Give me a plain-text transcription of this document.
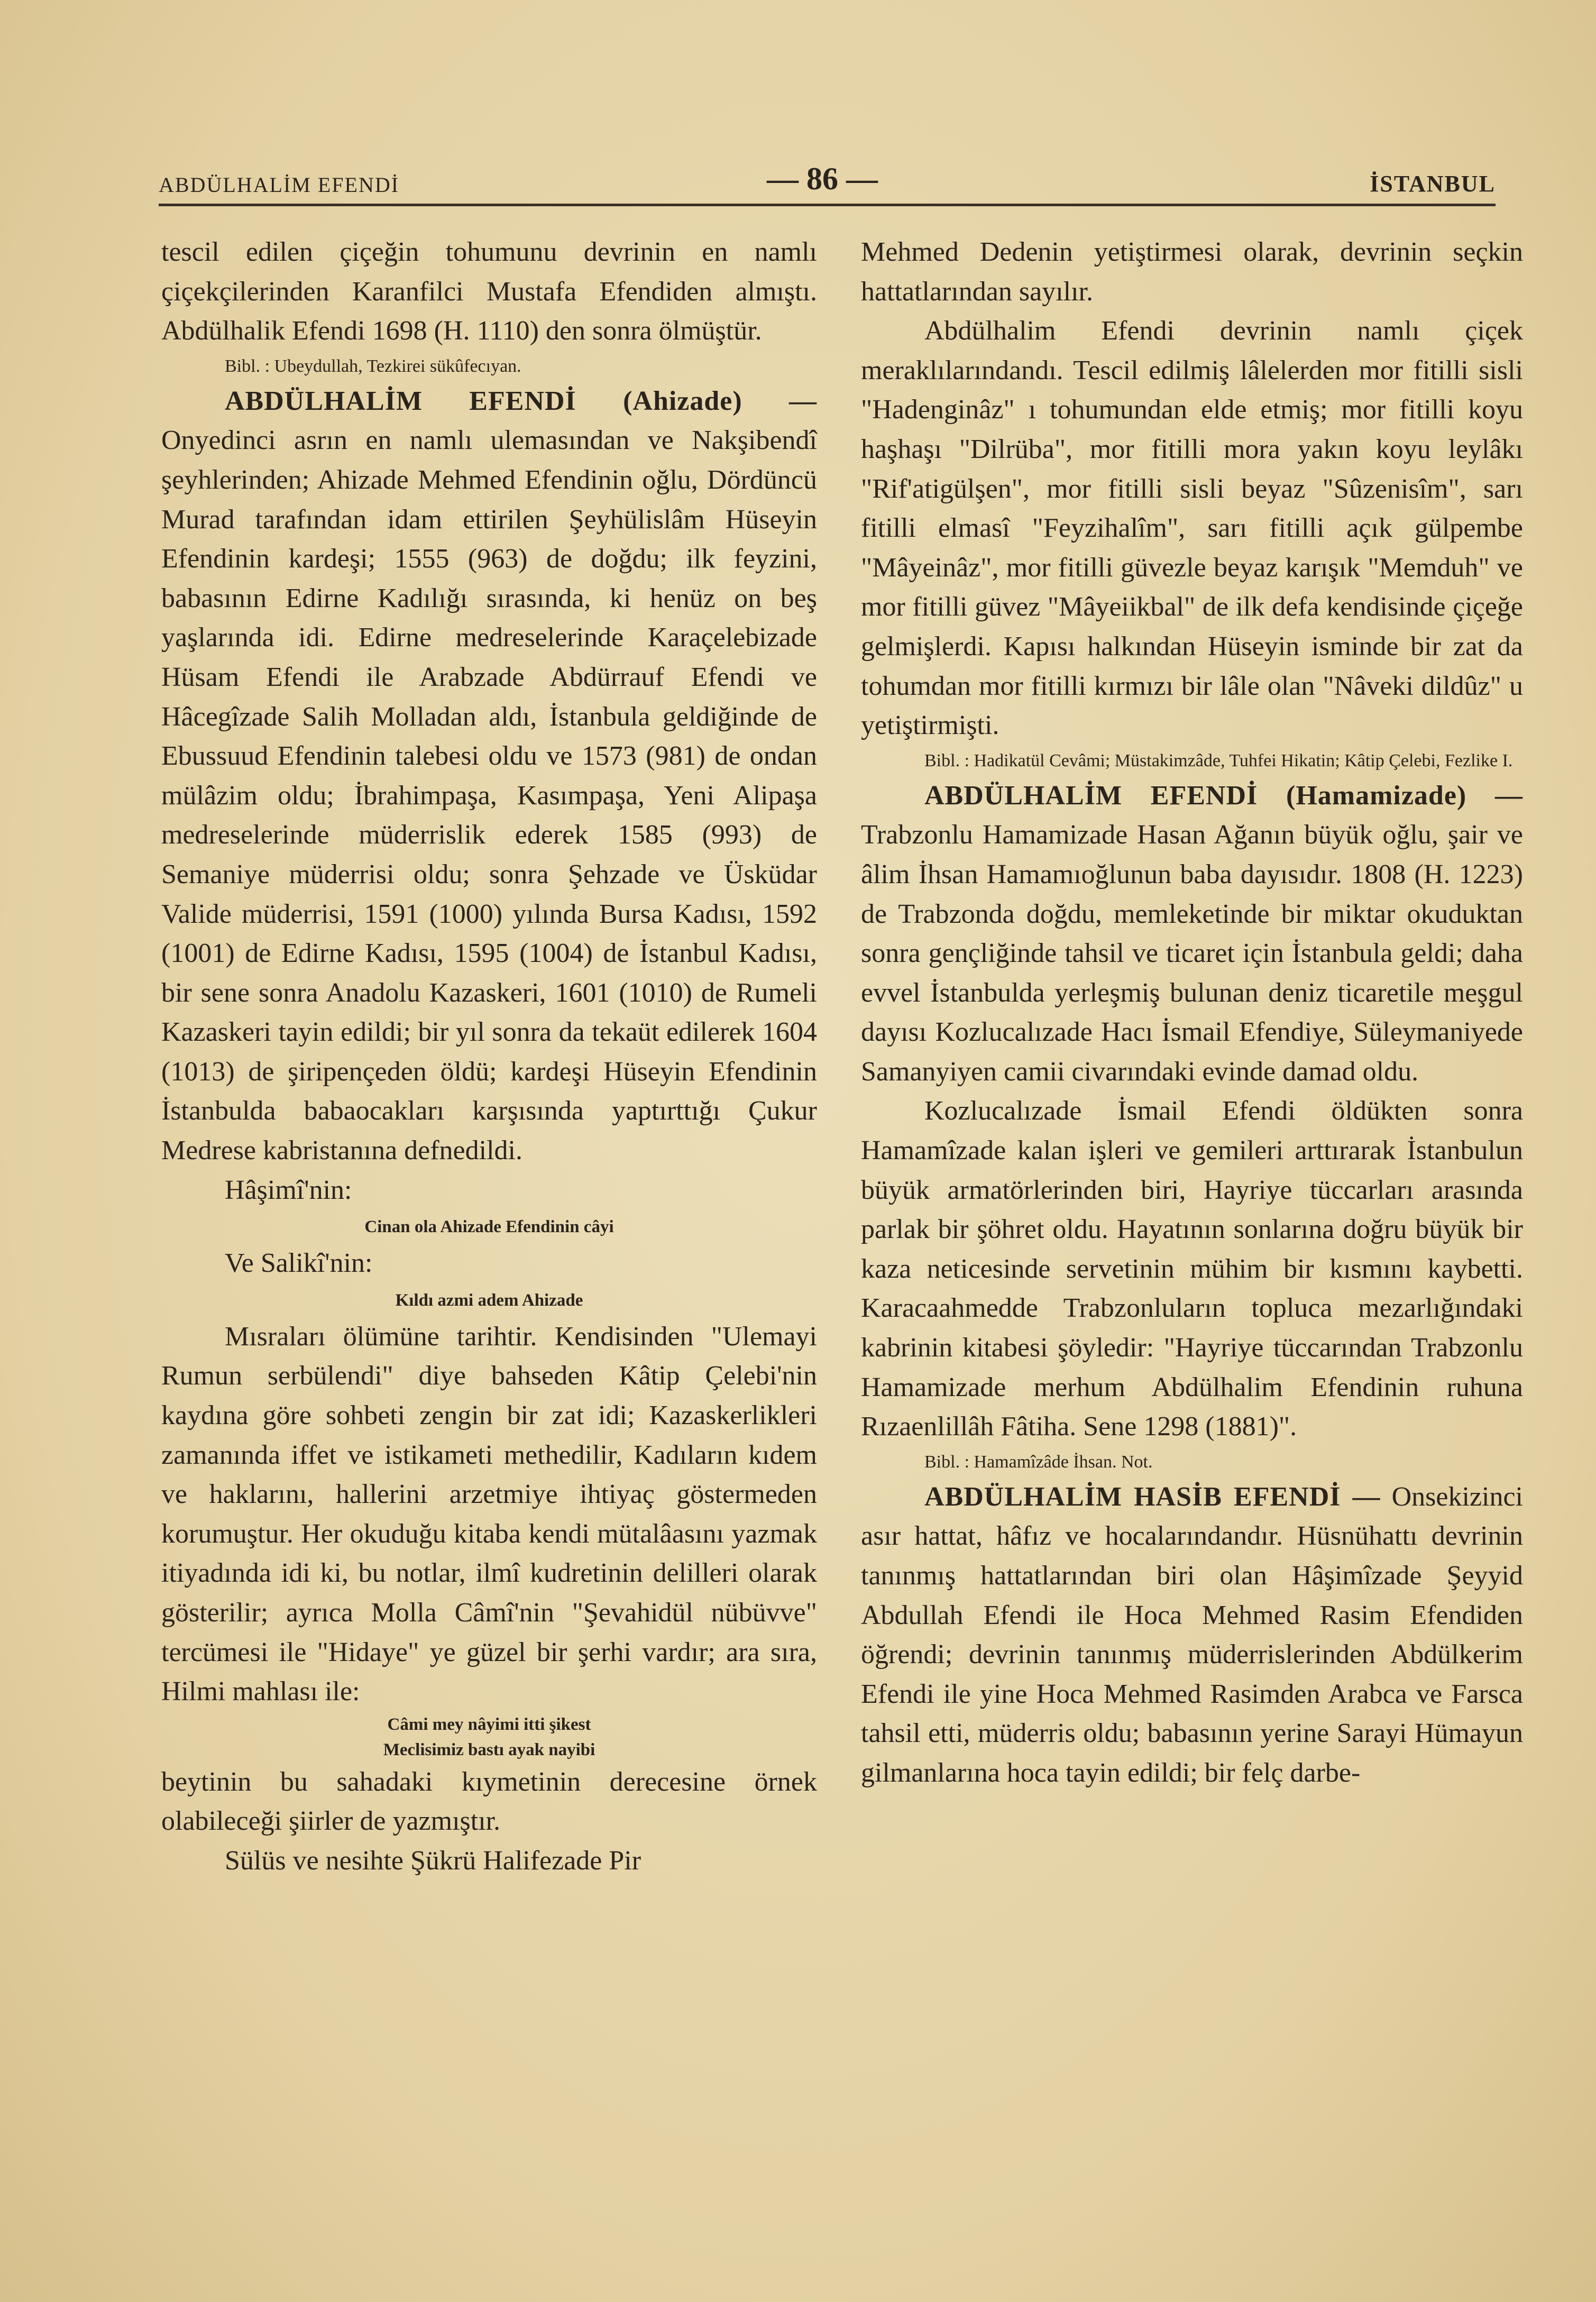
ABDÜLHALİM EFENDİ	— 86 —	İSTANBUL

tescil edilen çiçeğin tohumunu devrinin en namlı çiçekçilerinden Karanfilci Mustafa Efendiden almıştı. Abdülhalik Efendi 1698 (H. 1110) den sonra ölmüştür.

Bibl. : Ubeydullah, Tezkirei sükûfecıyan.

ABDÜLHALİM EFENDİ (Ahizade) — Onyedinci asrın en namlı ulemasından ve Nakşibendî şeyhlerinden; Ahizade Mehmed Efendinin oğlu, Dördüncü Murad tarafından idam ettirilen Şeyhülislâm Hüseyin Efendinin kardeşi; 1555 (963) de doğdu; ilk feyzini, babasının Edirne Kadılığı sırasında, ki henüz on beş yaşlarında idi. Edirne medreselerinde Karaçelebizade Hüsam Efendi ile Arabzade Abdürrauf Efendi ve Hâcegîzade Salih Molladan aldı, İstanbula geldiğinde de Ebussuud Efendinin talebesi oldu ve 1573 (981) de ondan mülâzim oldu; İbrahimpaşa, Kasımpaşa, Yeni Alipaşa medreselerinde müderrislik ederek 1585 (993) de Semaniye müderrisi oldu; sonra Şehzade ve Üsküdar Valide müderrisi, 1591 (1000) yılında Bursa Kadısı, 1592 (1001) de Edirne Kadısı, 1595 (1004) de İstanbul Kadısı, bir sene sonra Anadolu Kazaskeri, 1601 (1010) de Rumeli Kazaskeri tayin edildi; bir yıl sonra da tekaüt edilerek 1604 (1013) de şiripençeden öldü; kardeşi Hüseyin Efendinin İstanbulda babaocakları karşısında yaptırttığı Çukur Medrese kabristanına defnedildi.

Hâşimî'nin:

Cinan ola Ahizade Efendinin câyi

Ve Salikî'nin:

Kıldı azmi adem Ahizade

Mısraları ölümüne tarihtir. Kendisinden "Ulemayi Rumun serbülendi" diye bahseden Kâtip Çelebi'nin kaydına göre sohbeti zengin bir zat idi; Kazaskerlikleri zamanında iffet ve istikameti methedilir, Kadıların kıdem ve haklarını, hallerini arzetmiye ihtiyaç göstermeden korumuştur. Her okuduğu kitaba kendi mütalâasını yazmak itiyadında idi ki, bu notlar, ilmî kudretinin delilleri olarak gösterilir; ayrıca Molla Câmî'nin "Şevahidül nübüvve" tercümesi ile "Hidaye" ye güzel bir şerhi vardır; ara sıra, Hilmi mahlası ile:

Câmi mey nâyimi itti şikest

Meclisimiz bastı ayak nayibi

beytinin bu sahadaki kıymetinin derecesine örnek olabileceği şiirler de yazmıştır.

Sülüs ve nesihte Şükrü Halifezade Pir

Mehmed Dedenin yetiştirmesi olarak, devrinin seçkin hattatlarından sayılır.

Abdülhalim Efendi devrinin namlı çiçek meraklılarındandı. Tescil edilmiş lâlelerden mor fitilli sisli "Hadenginâz" ı tohumundan elde etmiş; mor fitilli koyu haşhaşı "Dilrüba", mor fitilli mora yakın koyu leylâkı "Rif'atigülşen", mor fitilli sisli beyaz "Sûzenisîm", sarı fitilli elmasî "Feyzihalîm", sarı fitilli açık gülpembe "Mâyeinâz", mor fitilli güvezle beyaz karışık "Memduh" ve mor fitilli güvez "Mâyeiikbal" de ilk defa kendisinde çiçeğe gelmişlerdi. Kapısı halkından Hüseyin isminde bir zat da tohumdan mor fitilli kırmızı bir lâle olan "Nâveki dildûz" u yetiştirmişti.

Bibl. : Hadikatül Cevâmi; Müstakimzâde, Tuhfei Hikatin; Kâtip Çelebi, Fezlike I.

ABDÜLHALİM EFENDİ (Hamamizade) — Trabzonlu Hamamizade Hasan Ağanın büyük oğlu, şair ve âlim İhsan Hamamıoğlunun baba dayısıdır. 1808 (H. 1223) de Trabzonda doğdu, memleketinde bir miktar okuduktan sonra gençliğinde tahsil ve ticaret için İstanbula geldi; daha evvel İstanbulda yerleşmiş bulunan deniz ticaretile meşgul dayısı Kozlucalızade Hacı İsmail Efendiye, Süleymaniyede Samanyiyen camii civarındaki evinde damad oldu.

Kozlucalızade İsmail Efendi öldükten sonra Hamamîzade kalan işleri ve gemileri arttırarak İstanbulun büyük armatörlerinden biri, Hayriye tüccarları arasında parlak bir şöhret oldu. Hayatının sonlarına doğru büyük bir kaza neticesinde servetinin mühim bir kısmını kaybetti. Karacaahmedde Trabzonluların topluca mezarlığındaki kabrinin kitabesi şöyledir: "Hayriye tüccarından Trabzonlu Hamamizade merhum Abdülhalim Efendinin ruhuna Rızaenlillâh Fâtiha. Sene 1298 (1881)".

Bibl. : Hamamîzâde İhsan. Not.

ABDÜLHALİM HASİB EFENDİ — Onsekizinci asır hattat, hâfız ve hocalarındandır. Hüsnühattı devrinin tanınmış hattatlarından biri olan Hâşimîzade Şeyyid Abdullah Efendi ile Hoca Mehmed Rasim Efendiden öğrendi; devrinin tanınmış müderrislerinden Abdülkerim Efendi ile yine Hoca Mehmed Rasimden Arabca ve Farsca tahsil etti, müderris oldu; babasının yerine Sarayi Hümayun gilmanlarına hoca tayin edildi; bir felç darbe-
